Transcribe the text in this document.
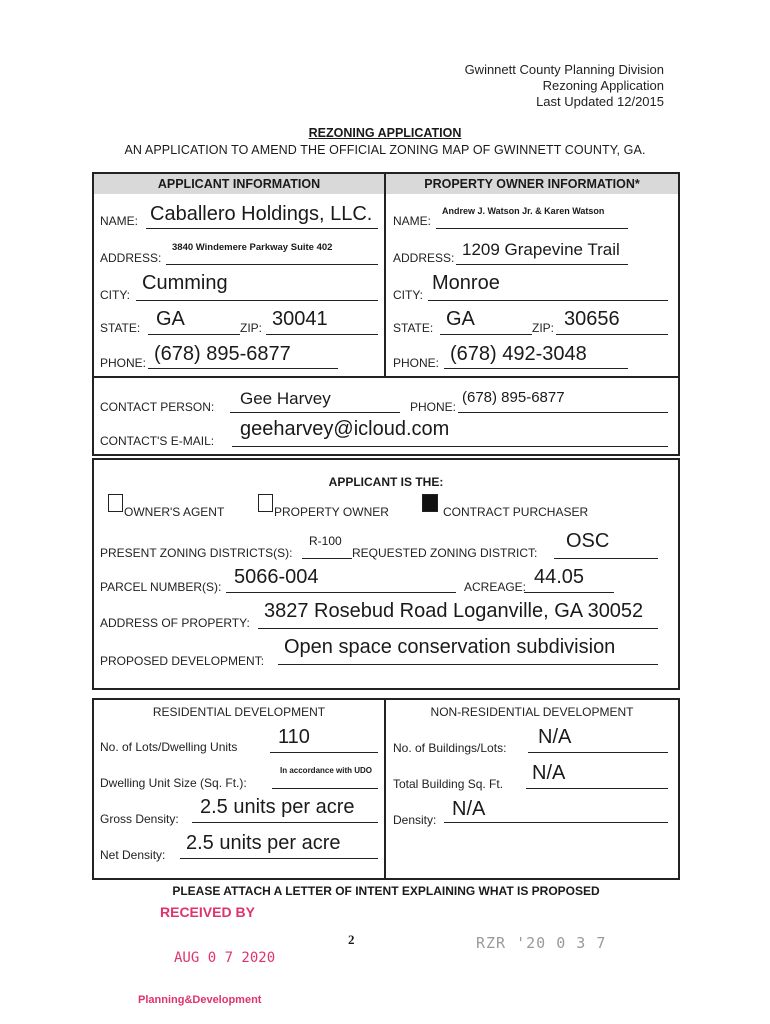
Gwinnett County Planning Division
Rezoning Application
Last Updated 12/2015
REZONING APPLICATION
AN APPLICATION TO AMEND THE OFFICIAL ZONING MAP OF GWINNETT COUNTY, GA.
APPLICANT INFORMATION	PROPERTY OWNER INFORMATION*
NAME: Caballero Holdings, LLC.
ADDRESS:
3840 Windemere Parkway Suite 402
CITY:
Cumming
STATE: GA	ZIP: 30041
PHONE: (678) 895-6877
NAME:
Andrew J. Watson Jr. & Karen Watson
ADDRESS: 1209 Grapevine Trail
CITY:
Monroe
STATE: GA	ZIP: 30656
PHONE: (678) 492-3048
CONTACT PERSON: Gee Harvey	PHONE:
(678) 895-6877
CONTACT'S E-MAIL:
geeharvey@icloud.com
APPLICANT IS THE:
OWNER'S AGENT	PROPERTY OWNER	CONTRACT PURCHASER
PRESENT ZONING DISTRICTS(S):
R-100
REQUESTED ZONING DISTRICT:
OSC
PARCEL NUMBER(S): 5066-004	ACREAGE: 44.05
ADDRESS OF PROPERTY:
3827 Rosebud Road Loganville, GA 30052
PROPOSED DEVELOPMENT:
Open space conservation subdivision
RESIDENTIAL DEVELOPMENT	NON-RESIDENTIAL DEVELOPMENT
No. of Lots/Dwelling Units 110
Dwelling Unit Size (Sq. Ft.):
In accordance with UDO
Gross Density:
2.5 units per acre
Net Density:
2.5 units per acre
No. of Buildings/Lots: N/A
Total Building Sq. Ft. N/A
Density: N/A
PLEASE ATTACH A LETTER OF INTENT EXPLAINING WHAT IS PROPOSED
RECEIVED BY
2	RZR '20 0 3 7
AUG 0 7 2020
Planning&Development
